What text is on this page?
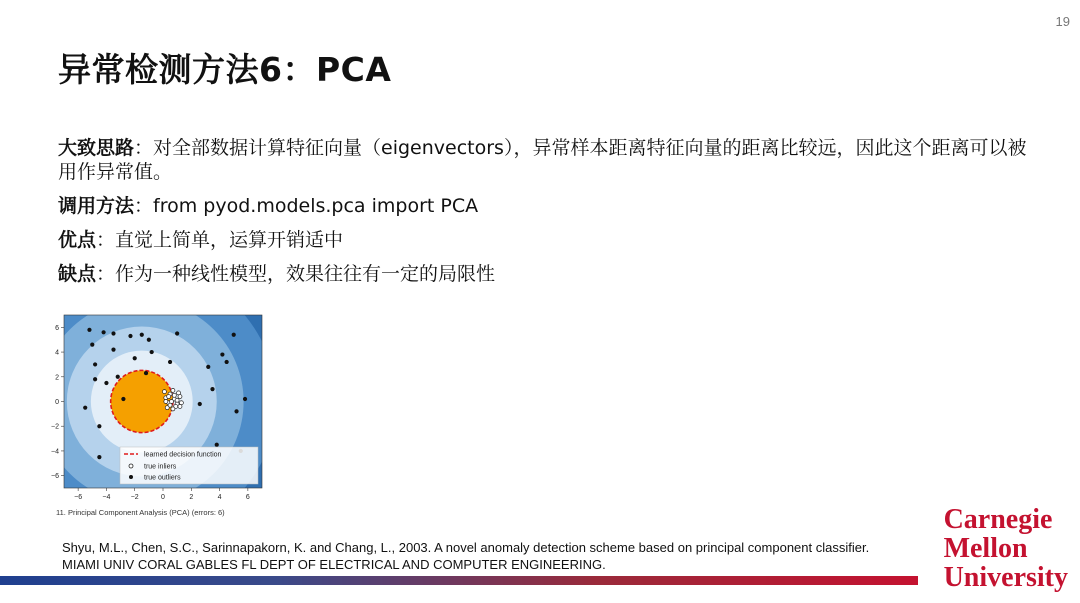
19
异常检测方法6：PCA

大致思路：对全部数据计算特征向量（eigenvectors），异常样本距离特征向量的距离比较远，因此这个距离可以被用作异常值。

调用方法：from pyod.models.pca import PCA

优点：直觉上简单，运算开销适中

缺点：作为一种线性模型，效果往往有一定的局限性

−6	−4	−2	0	2	4	6
6
4
2
0
−2
−4
−6
learned decision function
true inliers
true outliers
11. Principal Component Analysis (PCA) (errors: 6)
Shyu, M.L., Chen, S.C., Sarinnapakorn, K. and Chang, L., 2003. A novel anomaly detection scheme based on principal component classifier.
MIAMI UNIV CORAL GABLES FL DEPT OF ELECTRICAL AND COMPUTER ENGINEERING.
Carnegie
Mellon
University
